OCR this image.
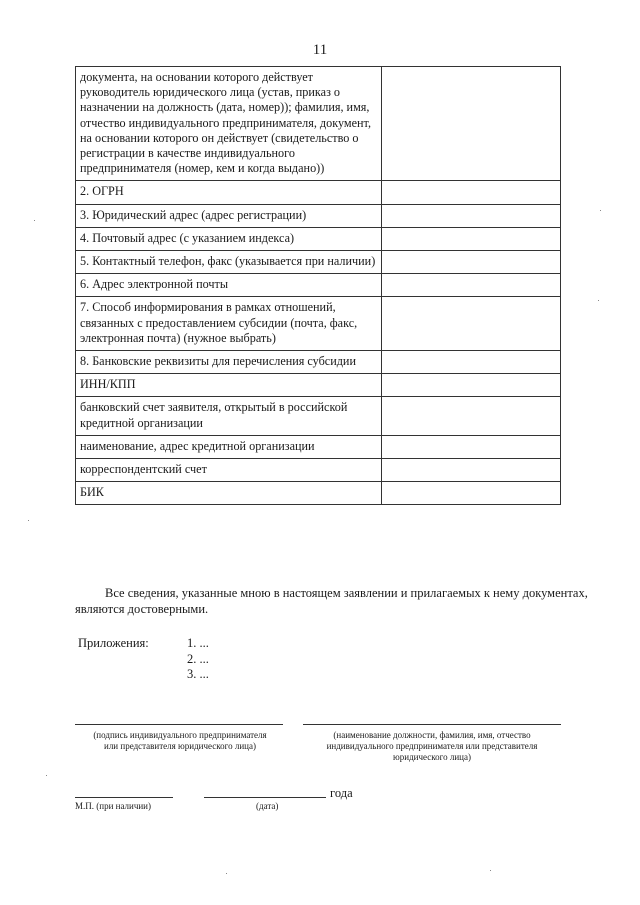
11
документа, на основании которого действует руководитель юридического лица (устав, приказ о назначении на должность (дата, номер)); фамилия, имя, отчество индивидуального предпринимателя, документ, на основании которого он действует (свидетельство о регистрации в качестве индивидуального предпринимателя (номер, кем и когда выдано))	
2. ОГРН	
3. Юридический адрес (адрес регистрации)	
4. Почтовый адрес (с указанием индекса)	
5. Контактный телефон, факс (указывается при наличии)	
6. Адрес электронной почты	
7. Способ информирования в рамках отношений, связанных с предоставлением субсидии (почта, факс, электронная почта) (нужное выбрать)	
8. Банковские реквизиты для перечисления субсидии	
ИНН/КПП	
банковский счет заявителя, открытый в российской кредитной организации	
наименование, адрес кредитной организации	
корреспондентский счет	
БИК	
Все сведения, указанные мною в настоящем заявлении и прилагаемых к нему документах, являются достоверными.
Приложения:	1. ...
2. ...
3. ...
(подпись индивидуального предпринимателя
или представителя юридического лица)
(наименование должности, фамилия, имя, отчество
индивидуального предпринимателя или представителя
юридического лица)
года
М.П. (при наличии)	(дата)
